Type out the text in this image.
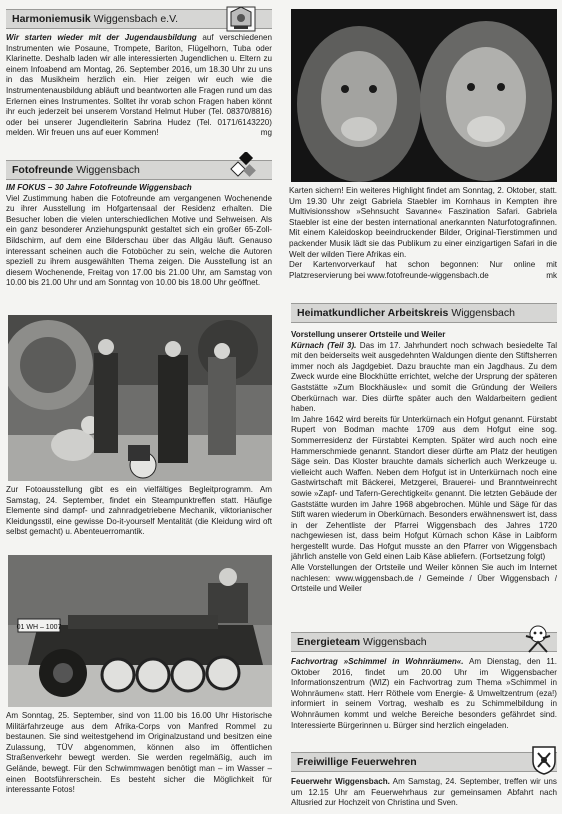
Harmoniemusik Wiggensbach e.V.

Wir starten wieder mit der Jugendausbildung auf verschiedenen Instrumenten wie Posaune, Trompete, Bariton, Flügelhorn, Tuba oder Klarinette. Deshalb laden wir alle interessierten Jugendlichen u. Eltern zu einem Infoabend am Montag, 26. September 2016, um 18.30 Uhr zu uns in das Musikheim herzlich ein. Hier zeigen wir euch wie die Instrumentenausbildung abläuft und beantworten alle Fragen rund um das Erlernen eines Instrumentes. Solltet ihr vorab schon Fragen haben könnt ihr euch jederzeit bei unserem Vorstand Helmut Huber (Tel. 08370/8816) oder bei unserer Jugendleiterin Sabrina Hudez (Tel. 0171/6143220) melden. Wir freuen uns auf euer Kommen!	mg

Fotofreunde Wiggensbach

IM FOKUS – 30 Jahre Fotofreunde Wiggensbach

Viel Zustimmung haben die Fotofreunde am vergangenen Wochenende zu ihrer Ausstellung im Hofgartensaal der Residenz erhalten. Die Besucher loben die vielen unterschiedlichen Motive und Sehweisen. Als ein ganz besonderer Anziehungspunkt gestaltet sich ein großer 65-Zoll-Bildschirm, auf dem eine Bilderschau über das Allgäu läuft. Genauso interessant scheinen auch die Fotobücher zu sein, welche die Autoren speziell zu ihrem ausgewählten Thema zeigen. Die Ausstellung ist an diesem Wochenende, Freitag von 17.00 bis 21.00 Uhr, am Samstag von 10.00 bis 21.00 Uhr und am Sonntag von 10.00 bis 18.00 Uhr geöffnet.

Zur Fotoausstellung gibt es ein vielfältiges Begleitprogramm. Am Samstag, 24. September, findet ein Steampunktreffen statt. Häufige Elemente sind dampf- und zahnradgetriebene Mechanik, viktorianischer Kleidungsstil, eine gewisse Do-it-yourself Mentalität (die Kleidung wird oft selbst gemacht) u. Abenteuerromantik.
01 WH – 1007
Am Sonntag, 25. September, sind von 11.00 bis 16.00 Uhr Historische Militärfahrzeuge aus dem Afrika-Corps von Manfred Rommel zu bestaunen. Sie sind weitestgehend im Originalzustand und besitzen eine Zulassung, TÜV abgenommen, können also im öffentlichen Straßenverkehr bewegt werden. Sie werden regelmäßig, auch im Gelände, bewegt. Für den Schwimmwagen benötigt man – im Wasser – einen Bootsführerschein. Es besteht sicher die Möglichkeit für interessante Fotos!

Karten sichern! Ein weiteres Highlight findet am Sonntag, 2. Oktober, statt. Um 19.30 Uhr zeigt Gabriela Staebler im Kornhaus in Kempten ihre Multivisionsshow »Sehnsucht Savanne« Faszination Safari. Gabriela Staebler ist eine der besten international anerkannten Naturfotografinnen. Mit einem Kaleidoskop beeindruckender Bilder, Original-Tierstimmen und packender Musik lädt sie das Publikum zu einer einzigartigen Safari in die Welt der wilden Tiere Afrikas ein.

Der Kartenvorverkauf hat schon begonnen: Nur online mit Platzreservierung bei www.fotofreunde-wiggensbach.de	mk

Heimatkundlicher Arbeitskreis Wiggensbach

Vorstellung unserer Ortsteile und Weiler

Kürnach (Teil 3). Das im 17. Jahrhundert noch schwach besiedelte Tal mit den beiderseits weit ausgedehnten Waldungen diente den Stiftsherren immer noch als Jagdgebiet. Dazu brauchte man ein Jagdhaus. Zu dem Zweck wurde eine Blockhütte errichtet, welche der Ursprung der späteren Gaststätte »Zum Blockhäusle« und somit die Gründung der Weilers Oberkürnach war. Dies dürfte später auch den Waldarbeitern gedient haben.

Im Jahre 1642 wird bereits für Unterkürnach ein Hofgut genannt. Fürstabt Rupert von Bodman machte 1709 aus dem Hofgut eine sog. Sommerresidenz der Fürstabtei Kempten. Später wird auch noch eine Hammerschmiede genannt. Standort dieser dürfte am Platz der heutigen Säge sein. Das Kloster brauchte damals sicherlich auch Werkzeuge u. vielleicht auch Waffen. Neben dem Hofgut ist in Unterkürnach noch eine Gastwirtschaft mit Bäckerei, Metzgerei, Brauerei- und Branntweinrecht sowie »Zapf- und Tafern-Gerechtigkeit« genannt. Die letzten Gebäude der Gaststätte wurden im Jahre 1968 abgebrochen. Mühle und Säge für das Stift waren wiederum in Oberkürnach. Besonders erwähnenswert ist, dass in der Zehentliste der Pfarrei Wiggensbach des Jahres 1720 nachgewiesen ist, dass beim Hofgut Kürnach schon Käse in Laibform hergestellt wurde. Das Hofgut musste an den Pfarrer von Wiggensbach jährlich anstelle von Geld einen Laib Käse abliefern. (Fortsetzung folgt)

Alle Vorstellungen der Ortsteile und Weiler können Sie auch im Internet nachlesen: www.wiggensbach.de / Gemeinde / Über Wiggensbach / Ortsteile und Weiler

Energieteam Wiggensbach

Fachvortrag »Schimmel in Wohnräumen«. Am Dienstag, den 11. Oktober 2016, findet um 20.00 Uhr im Wiggensbacher Informationszentrum (WIZ) ein Fachvortrag zum Thema »Schimmel in Wohnräumen« statt. Herr Röthele vom Energie- & Umweltzentrum (eza!) informiert in seinem Vortrag, weshalb es zu Schimmelbildung in Wohnräumen kommt und welche Bereiche besonders gefährdet sind. Interessierte Bürgerinnen u. Bürger sind herzlich eingeladen.

Freiwillige Feuerwehren

Feuerwehr Wiggensbach. Am Samstag, 24. September, treffen wir uns um 12.15 Uhr am Feuerwehrhaus zur gemeinsamen Abfahrt nach Altusried zur Hochzeit von Christina und Sven.
